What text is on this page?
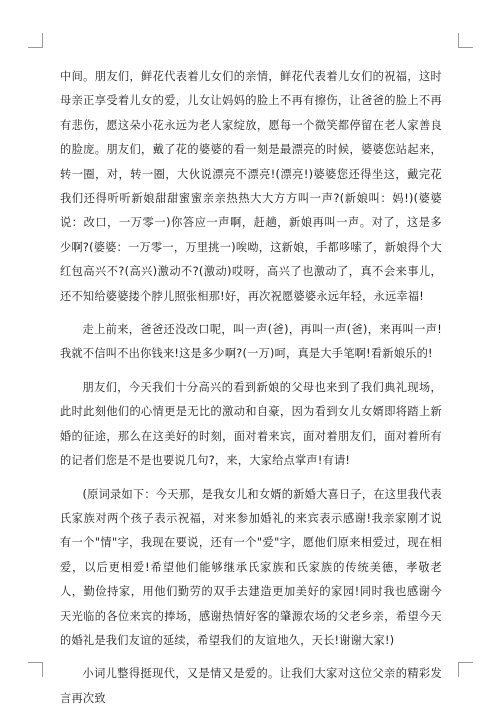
中间。朋友们，鲜花代表着儿女们的亲情，鲜花代表着儿女们的祝福，这时母亲正享受着儿女的爱，儿女让妈妈的脸上不再有擦伤，让爸爸的脸上不再有悲伤，愿这朵小花永远为老人家绽放，愿每一个微笑都停留在老人家善良的脸庞。朋友们，戴了花的婆婆的看一刻是最漂亮的时候，婆婆您站起来，转一圈，对，转一圈，大伙说漂亮不漂亮!(漂亮!)婆婆您还得坐这，戴完花我们还得听听新娘甜甜蜜蜜亲亲热热大大方方叫一声?(新娘叫：妈!)(婆婆说：改口，一万零一)你答应一声啊，赶趟，新娘再叫一声。对了，这是多少啊?(婆婆：一万零一，万里挑一)唉呦，这新娘，手都哆嗦了，新娘得个大红包高兴不?(高兴)激动不?(激动)哎呀，高兴了也激动了，真不会来事儿，还不知给婆婆搂个脖儿照张相那!好，再次祝愿婆婆永远年轻，永远幸福!

走上前来，爸爸还没改口呢，叫一声(爸)，再叫一声(爸)，来再叫一声!我就不信叫不出你钱来!这是多少啊?(一万)呵，真是大手笔啊!看新娘乐的!

朋友们，今天我们十分高兴的看到新娘的父母也来到了我们典礼现场，此时此刻他们的心情更是无比的激动和自豪，因为看到女儿女婿即将踏上新婚的征途，那么在这美好的时刻，面对着来宾，面对着朋友们，面对着所有的记者们您是不是也要说几句?，来，大家给点掌声!有请!

(原词录如下：今天那，是我女儿和女婿的新婚大喜日子，在这里我代表氏家族对两个孩子表示祝福，对来参加婚礼的来宾表示感谢!我亲家刚才说有一个"情"字，我现在要说，还有一个"爱"字，愿他们原来相爱过，现在相爱，以后更相爱!希望他们能够继承氏家族和氏家族的传统美德，孝敬老人，勤俭持家，用他们勤劳的双手去建造更加美好的家园!同时我也感谢今天光临的各位来宾的捧场，感谢热情好客的肇源农场的父老乡亲，希望今天的婚礼是我们友谊的延续，希望我们的友谊地久，天长!谢谢大家!)

小词儿整得挺现代，又是情又是爱的。让我们大家对这位父亲的精彩发言再次致
